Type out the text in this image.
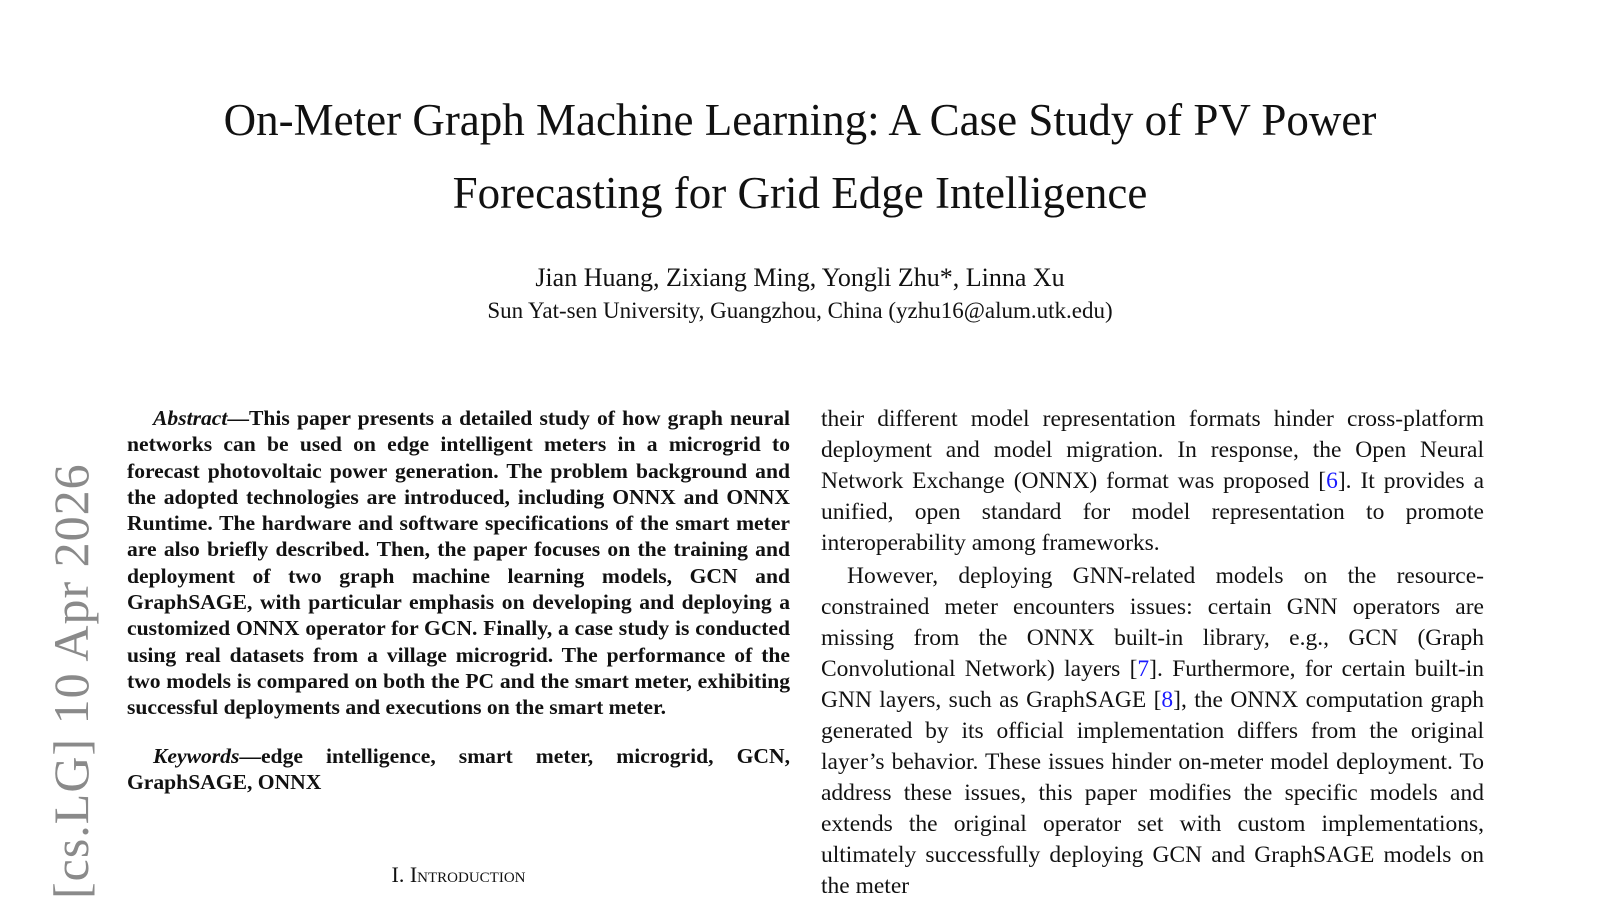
[cs.LG] 10 Apr 2026
On-Meter Graph Machine Learning: A Case Study of PV Power
Forecasting for Grid Edge Intelligence
Jian Huang, Zixiang Ming, Yongli Zhu*, Linna Xu
Sun Yat-sen University, Guangzhou, China (yzhu16@alum.utk.edu)

Abstract—This paper presents a detailed study of how graph neural networks can be used on edge intelligent meters in a microgrid to forecast photovoltaic power generation. The problem background and the adopted technologies are introduced, including ONNX and ONNX Runtime. The hardware and software specifications of the smart meter are also briefly described. Then, the paper focuses on the training and deployment of two graph machine learning models, GCN and GraphSAGE, with particular emphasis on developing and deploying a customized ONNX operator for GCN. Finally, a case study is conducted using real datasets from a village microgrid. The performance of the two models is compared on both the PC and the smart meter, exhibiting successful deployments and executions on the smart meter.

Keywords—edge intelligence, smart meter, microgrid, GCN, GraphSAGE, ONNX

I. Introduction

their different model representation formats hinder cross-platform deployment and model migration. In response, the Open Neural Network Exchange (ONNX) format was proposed [6]. It provides a unified, open standard for model representation to promote interoperability among frameworks.

However, deploying GNN-related models on the resource-constrained meter encounters issues: certain GNN operators are missing from the ONNX built-in library, e.g., GCN (Graph Convolutional Network) layers [7]. Furthermore, for certain built-in GNN layers, such as GraphSAGE [8], the ONNX computation graph generated by its official implementation differs from the original layer’s behavior. These issues hinder on-meter model deployment. To address these issues, this paper modifies the specific models and extends the original operator set with custom implementations, ultimately successfully deploying GCN and GraphSAGE models on the meter
